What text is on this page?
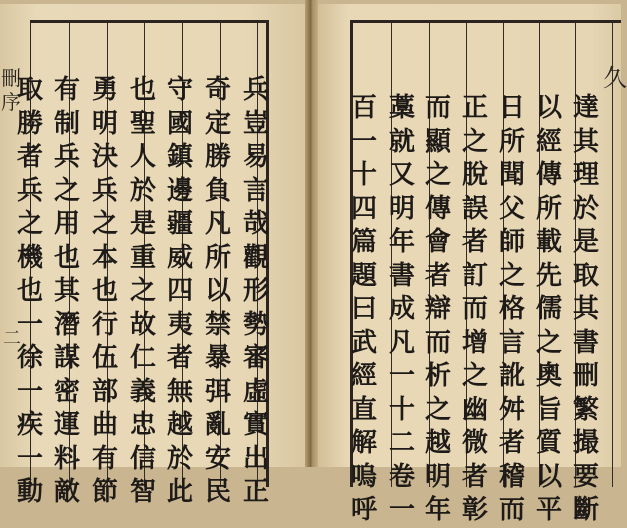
刪
序
二
兵
豈
易
言
哉
觀
形
勢
審
虛
實
出
正
奇
定
勝
負
凡
所
以
禁
暴
弭
亂
安
民
守
國
鎮
邊
疆
威
四
夷
者
無
越
於
此
也
聖
人
於
是
重
之
故
仁
義
忠
信
智
勇
明
決
兵
之
本
也
行
伍
部
曲
有
節
有
制
兵
之
用
也
其
潛
謀
密
運
料
敵
取
勝
者
兵
之
機
也
一
徐
一
疾
一
動
久
達
其
理
於
是
取
其
書
刪
繁
撮
要
斷
以
經
傳
所
載
先
儒
之
奧
旨
質
以
平
日
所
聞
父
師
之
格
言
訛
舛
者
稽
而
正
之
脫
誤
者
訂
而
增
之
幽
微
者
彰
而
顯
之
傳
會
者
辯
而
析
之
越
明
年
藁
就
又
明
年
書
成
凡
一
十
二
卷
一
百
一
十
四
篇
題
曰
武
經
直
解
嗚
呼
